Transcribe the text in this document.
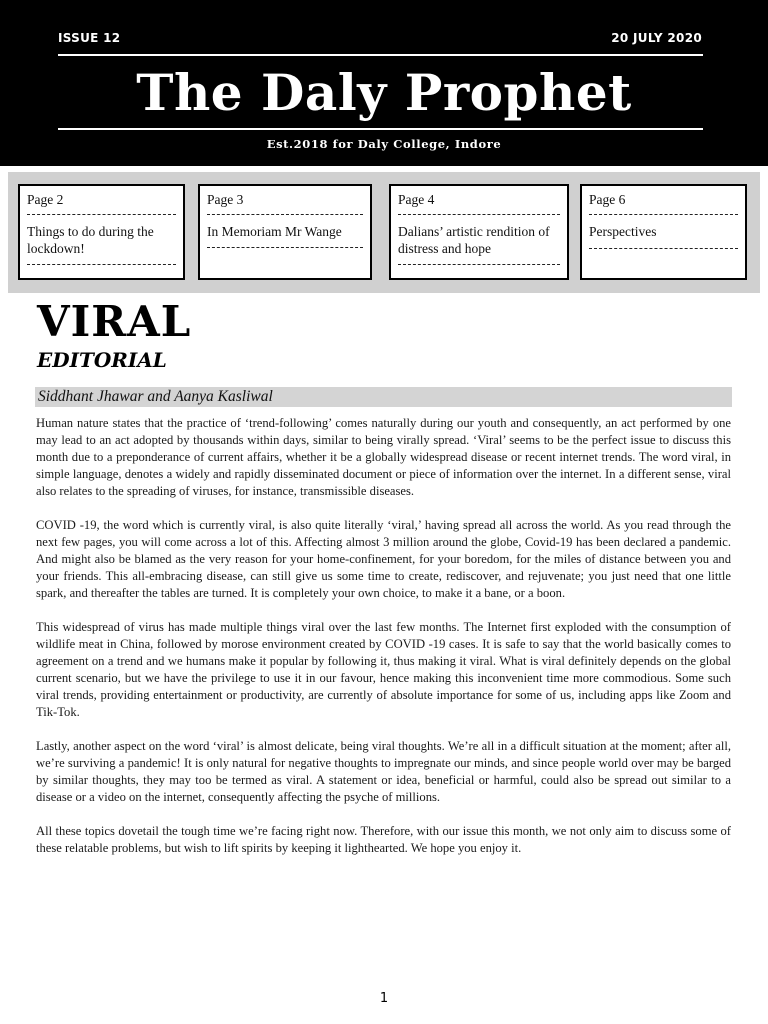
ISSUE 12	20 JULY 2020
The Daly Prophet
Est.2018 for Daly College, Indore
Page 2
Things to do during the lockdown!
Page 3
In Memoriam Mr Wange
Page 4
Dalians’ artistic rendition of distress and hope
Page 6
Perspectives
VIRAL
EDITORIAL
Siddhant Jhawar and Aanya Kasliwal

Human nature states that the practice of ‘trend-following’ comes naturally during our youth and consequently, an act performed by one may lead to an act adopted by thousands within days, similar to being virally spread. ‘Viral’ seems to be the perfect issue to discuss this month due to a preponderance of current affairs, whether it be a globally widespread disease or recent internet trends. The word viral, in simple language, denotes a widely and rapidly disseminated document or piece of information over the internet. In a different sense, viral also relates to the spreading of viruses, for instance, transmissible diseases.

COVID -19, the word which is currently viral, is also quite literally ‘viral,’ having spread all across the world. As you read through the next few pages, you will come across a lot of this. Affecting almost 3 million around the globe, Covid-19 has been declared a pandemic. And might also be blamed as the very reason for your home-confinement, for your boredom, for the miles of distance between you and your friends. This all-embracing disease, can still give us some time to create, rediscover, and rejuvenate; you just need that one little spark, and thereafter the tables are turned. It is completely your own choice, to make it a bane, or a boon.

This widespread of virus has made multiple things viral over the last few months. The Internet first exploded with the consumption of wildlife meat in China, followed by morose environment created by COVID -19 cases. It is safe to say that the world basically comes to agreement on a trend and we humans make it popular by following it, thus making it viral. What is viral definitely depends on the global current scenario, but we have the privilege to use it in our favour, hence making this inconvenient time more commodious. Some such viral trends, providing entertainment or productivity, are currently of absolute importance for some of us, including apps like Zoom and Tik-Tok.

Lastly, another aspect on the word ‘viral’ is almost delicate, being viral thoughts. We’re all in a difficult situation at the moment; after all, we’re surviving a pandemic! It is only natural for negative thoughts to impregnate our minds, and since people world over may be barged by similar thoughts, they may too be termed as viral. A statement or idea, beneficial or harmful, could also be spread out similar to a disease or a video on the internet, consequently affecting the psyche of millions.

All these topics dovetail the tough time we’re facing right now. Therefore, with our issue this month, we not only aim to discuss some of these relatable problems, but wish to lift spirits by keeping it lighthearted. We hope you enjoy it.

1
